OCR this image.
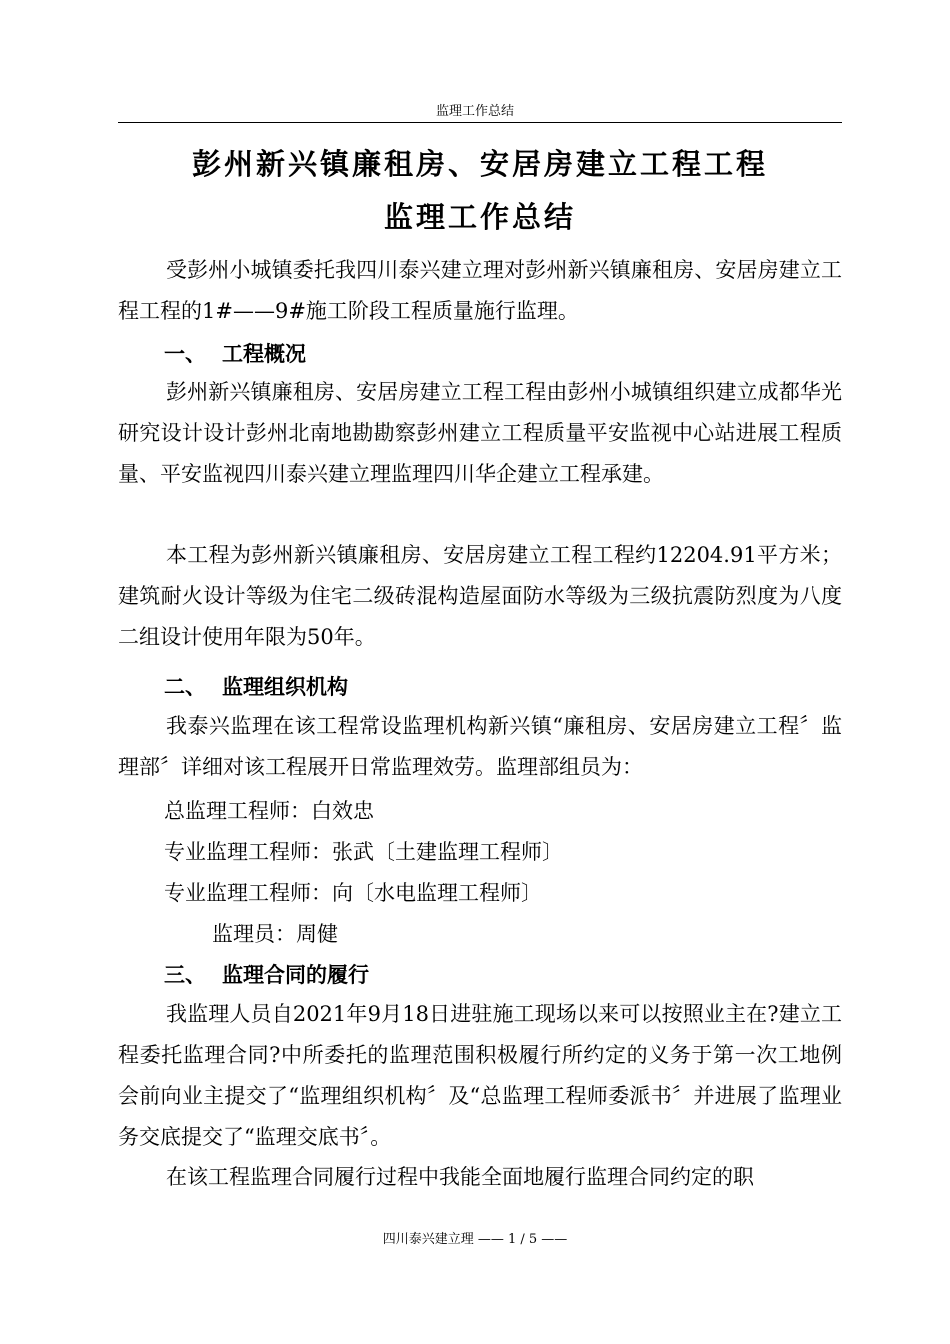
监理工作总结
彭州新兴镇廉租房、安居房建立工程工程
监理工作总结
受彭州小城镇委托我四川泰兴建立理对彭州新兴镇廉租房、安居房建立工程工程的1#——9#施工阶段工程质量施行监理。
一、 工程概况
彭州新兴镇廉租房、安居房建立工程工程由彭州小城镇组织建立成都华光研究设计设计彭州北南地勘勘察彭州建立工程质量平安监视中心站进展工程质量、平安监视四川泰兴建立理监理四川华企建立工程承建。
本工程为彭州新兴镇廉租房、安居房建立工程工程约12204.91平方米；建筑耐火设计等级为住宅二级砖混构造屋面防水等级为三级抗震防烈度为八度二组设计使用年限为50年。
二、 监理组织机构
我泰兴监理在该工程常设监理机构新兴镇“廉租房、安居房建立工程〞监理部〞详细对该工程展开日常监理效劳。监理部组员为：
总监理工程师：白效忠
专业监理工程师：张武〔土建监理工程师〕
专业监理工程师：向〔水电监理工程师〕
监理员：周健
三、 监理合同的履行
我监理人员自2021年9月18日进驻施工现场以来可以按照业主在?建立工程委托监理合同?中所委托的监理范围积极履行所约定的义务于第一次工地例会前向业主提交了“监理组织机构〞及“总监理工程师委派书〞并进展了监理业务交底提交了“监理交底书〞。
在该工程监理合同履行过程中我能全面地履行监理合同约定的职
四川泰兴建立理 —— 1 / 5 ——
